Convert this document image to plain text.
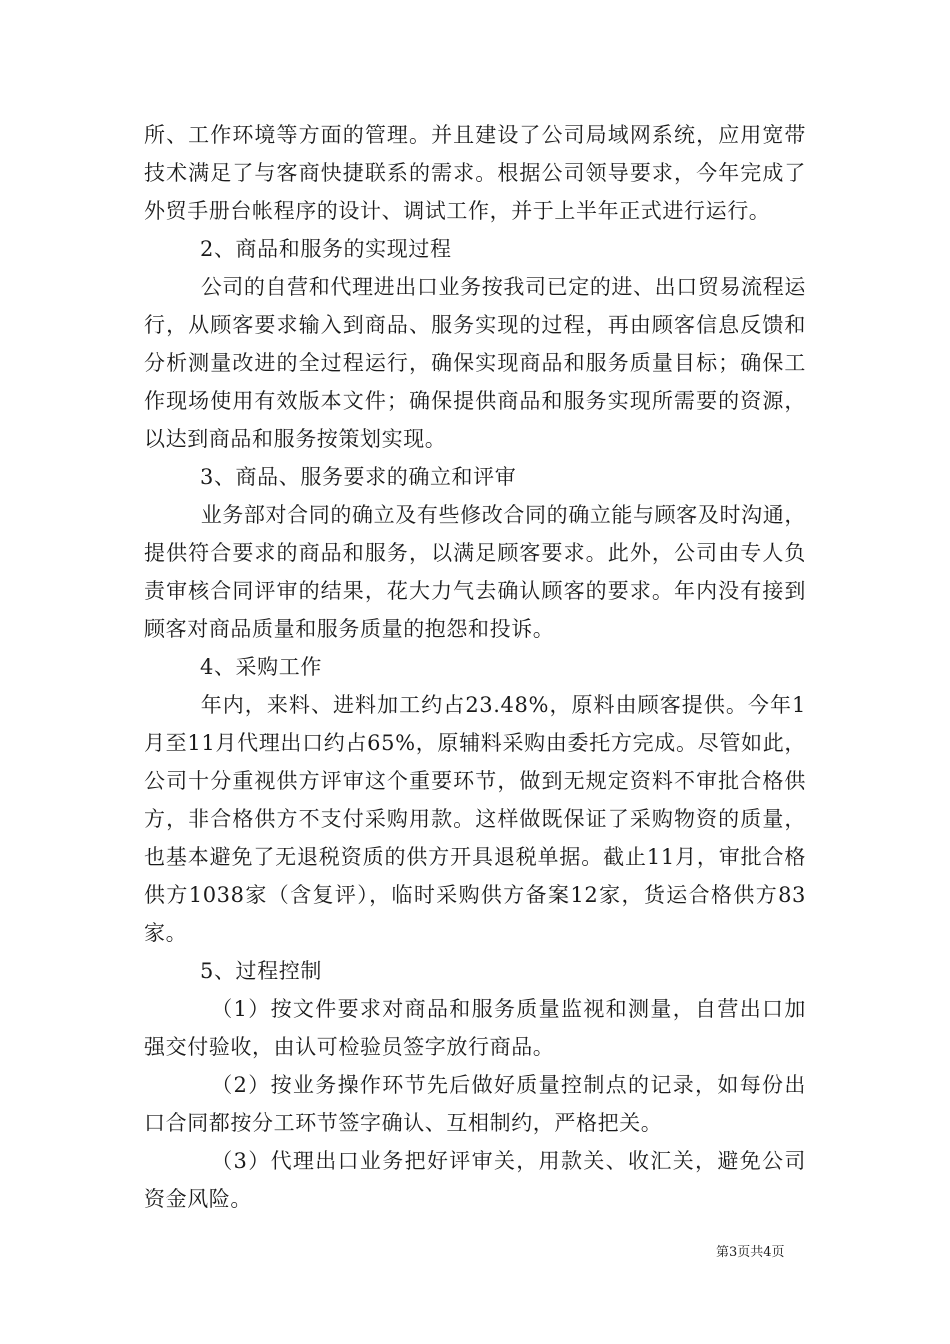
所、工作环境等方面的管理。并且建设了公司局域网系统，应用宽带技术满足了与客商快捷联系的需求。根据公司领导要求，今年完成了外贸手册台帐程序的设计、调试工作，并于上半年正式进行运行。

2、商品和服务的实现过程

公司的自营和代理进出口业务按我司已定的进、出口贸易流程运行，从顾客要求输入到商品、服务实现的过程，再由顾客信息反馈和分析测量改进的全过程运行，确保实现商品和服务质量目标；确保工作现场使用有效版本文件；确保提供商品和服务实现所需要的资源，以达到商品和服务按策划实现。

3、商品、服务要求的确立和评审

业务部对合同的确立及有些修改合同的确立能与顾客及时沟通，提供符合要求的商品和服务，以满足顾客要求。此外，公司由专人负责审核合同评审的结果，花大力气去确认顾客的要求。年内没有接到顾客对商品质量和服务质量的抱怨和投诉。

4、采购工作

年内，来料、进料加工约占23.48%，原料由顾客提供。今年1月至11月代理出口约占65%，原辅料采购由委托方完成。尽管如此，公司十分重视供方评审这个重要环节，做到无规定资料不审批合格供方，非合格供方不支付采购用款。这样做既保证了采购物资的质量，也基本避免了无退税资质的供方开具退税单据。截止11月，审批合格供方1038家（含复评），临时采购供方备案12家，货运合格供方83家。

5、过程控制

（1）按文件要求对商品和服务质量监视和测量，自营出口加强交付验收，由认可检验员签字放行商品。

（2）按业务操作环节先后做好质量控制点的记录，如每份出口合同都按分工环节签字确认、互相制约，严格把关。

（3）代理出口业务把好评审关，用款关、收汇关，避免公司资金风险。

第3页共4页
